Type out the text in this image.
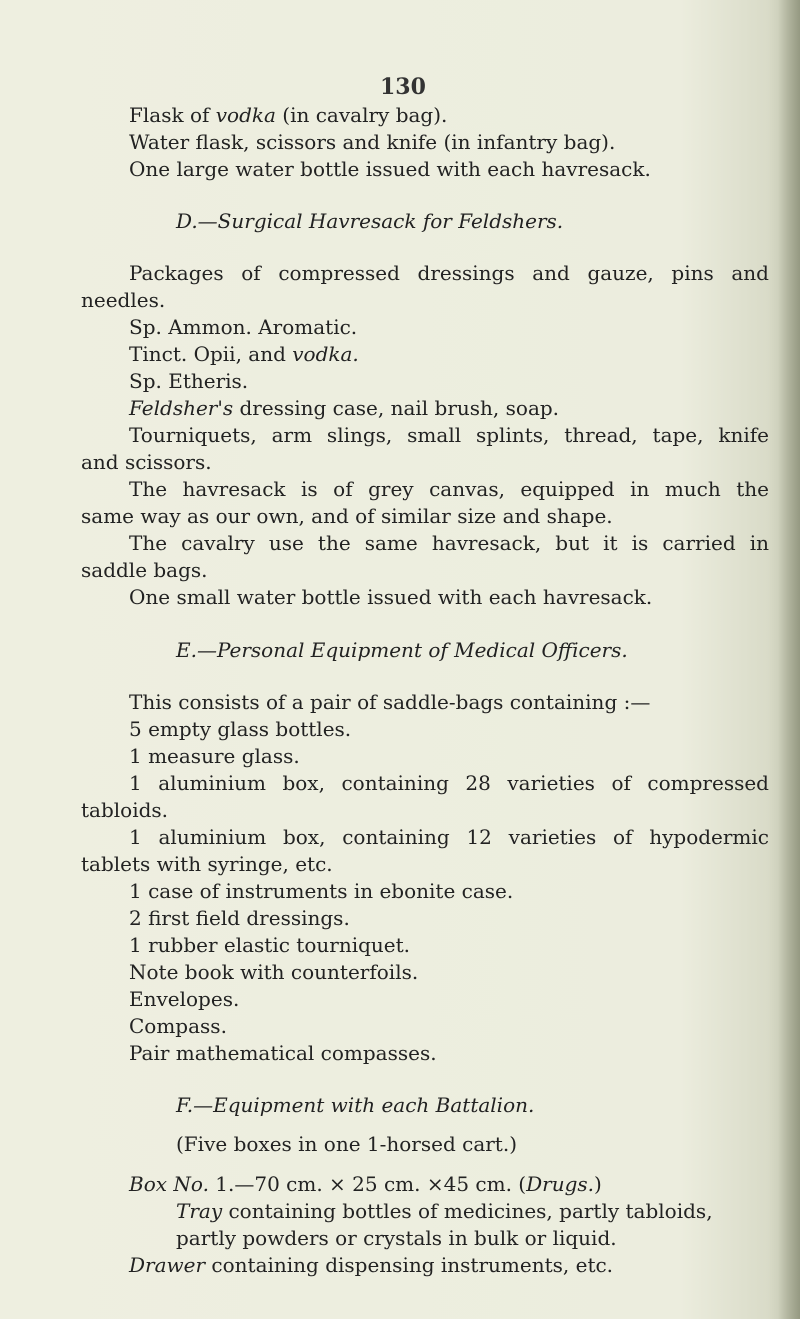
130
Flask of vodka (in cavalry bag).
Water flask, scissors and knife (in infantry bag).
One large water bottle issued with each havresack.
D.—Surgical Havresack for Feldshers.
Packages of compressed dressings and gauze, pins and
needles.
Sp. Ammon. Aromatic.
Tinct. Opii, and vodka.
Sp. Etheris.
Feldsher's dressing case, nail brush, soap.
Tourniquets, arm slings, small splints, thread, tape, knife
and scissors.
The havresack is of grey canvas, equipped in much the
same way as our own, and of similar size and shape.
The cavalry use the same havresack, but it is carried in
saddle bags.
One small water bottle issued with each havresack.
E.—Personal Equipment of Medical Officers.
This consists of a pair of saddle-bags containing :—
5 empty glass bottles.
1 measure glass.
1 aluminium box, containing 28 varieties of compressed
tabloids.
1 aluminium box, containing 12 varieties of hypodermic
tablets with syringe, etc.
1 case of instruments in ebonite case.
2 first field dressings.
1 rubber elastic tourniquet.
Note book with counterfoils.
Envelopes.
Compass.
Pair mathematical compasses.
F.—Equipment with each Battalion.
(Five boxes in one 1-horsed cart.)
Box No. 1.—70 cm. × 25 cm. ×45 cm. (Drugs.)
Tray containing bottles of medicines, partly tabloids,
partly powders or crystals in bulk or liquid.
Drawer containing dispensing instruments, etc.
